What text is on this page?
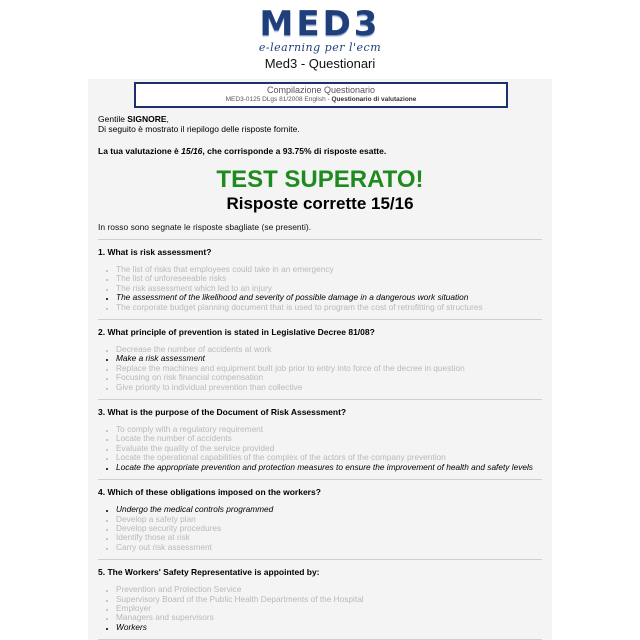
MED3
e-learning per l'ecm
Med3 - Questionari
Compilazione Questionario
MED3-0125 DLgs 81/2008 English - Questionario di valutazione
Gentile SIGNORE,
Di seguito è mostrato il riepilogo delle risposte fornite.
La tua valutazione è 15/16, che corrisponde a 93.75% di risposte esatte.
TEST SUPERATO!
Risposte corrette 15/16
In rosso sono segnate le risposte sbagliate (se presenti).
1. What is risk assessment?
• The list of risks that employees could take in an emergency
• The list of unforeseeable risks
• The risk assessment which led to an injury
• The assessment of the likelihood and severity of possible damage in a dangerous work situation
• The corporate budget planning document that is used to program the cost of retrofitting of structures
2. What principle of prevention is stated in Legislative Decree 81/08?
• Decrease the number of accidents at work
• Make a risk assessment
• Replace the machines and equipment built job prior to entry into force of the decree in question
• Focusing on risk financial compensation
• Give priority to individual prevention than collective
3. What is the purpose of the Document of Risk Assessment?
• To comply with a regulatory requirement
• Locate the number of accidents
• Evaluate the quality of the service provided
• Locate the operational capabilities of the complex of the actors of the company prevention
• Locate the appropriate prevention and protection measures to ensure the improvement of health and safety levels
4. Which of these obligations imposed on the workers?
• Undergo the medical controls programmed
• Develop a safety plan
• Develop security procedures
• Identify those at risk
• Carry out risk assessment
5. The Workers' Safety Representative is appointed by:
• Prevention and Protection Service
• Supervisory Board of the Public Health Departments of the Hospital
• Employer
• Managers and supervisors
• Workers
